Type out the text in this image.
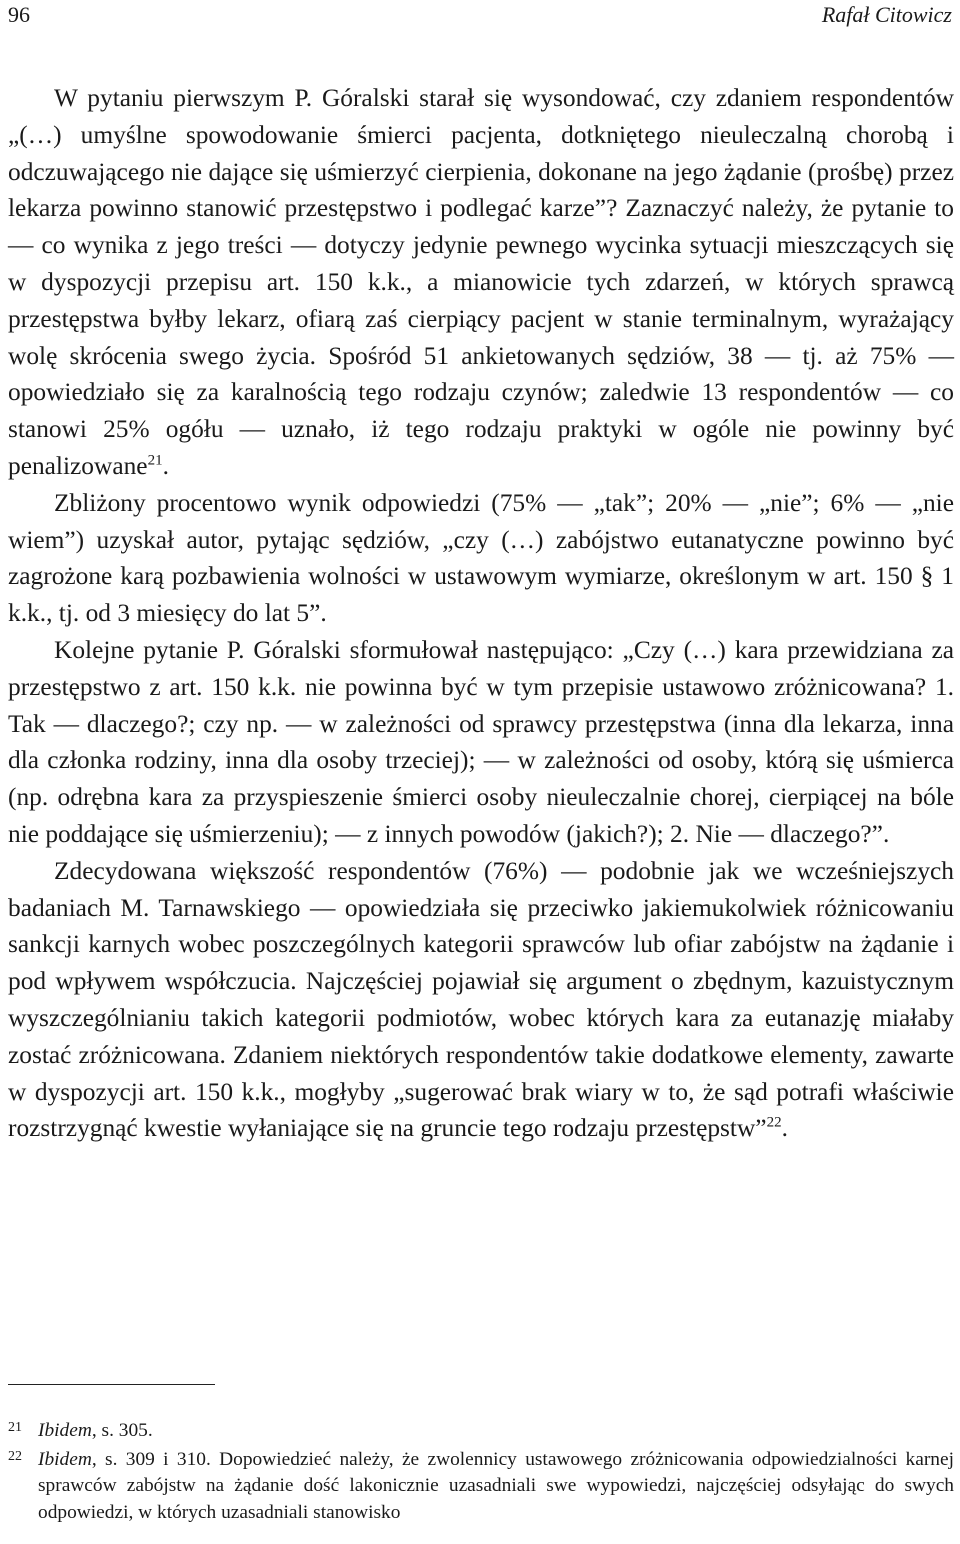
96	Rafał Citowicz

W pytaniu pierwszym P. Góralski starał się wysondować, czy zdaniem respondentów „(…) umyślne spowodowanie śmierci pacjenta, dotkniętego nieuleczalną chorobą i odczuwającego nie dające się uśmierzyć cierpienia, dokonane na jego żądanie (prośbę) przez lekarza powinno stanowić przestępstwo i podlegać karze”? Zaznaczyć należy, że pytanie to — co wynika z jego treści — dotyczy jedynie pewnego wycinka sytuacji mieszczących się w dyspozycji przepisu art. 150 k.k., a mianowicie tych zdarzeń, w których sprawcą przestępstwa byłby lekarz, ofiarą zaś cierpiący pacjent w stanie terminalnym, wyrażający wolę skrócenia swego życia. Spośród 51 ankietowanych sędziów, 38 — tj. aż 75% — opowiedziało się za karalnością tego rodzaju czynów; zaledwie 13 respondentów — co stanowi 25% ogółu — uznało, iż tego rodzaju praktyki w ogóle nie powinny być penalizowane$^{21}$.

Zbliżony procentowo wynik odpowiedzi (75% — „tak”; 20% — „nie”; 6% — „nie wiem”) uzyskał autor, pytając sędziów, „czy (…) zabójstwo eutanatyczne powinno być zagrożone karą pozbawienia wolności w ustawowym wymiarze, określonym w art. 150 § 1 k.k., tj. od 3 miesięcy do lat 5”.

Kolejne pytanie P. Góralski sformułował następująco: „Czy (…) kara przewidziana za przestępstwo z art. 150 k.k. nie powinna być w tym przepisie ustawowo zróżnicowana? 1. Tak — dlaczego?; czy np. — w zależności od sprawcy przestępstwa (inna dla lekarza, inna dla członka rodziny, inna dla osoby trzeciej); — w zależności od osoby, którą się uśmierca (np. odrębna kara za przyspieszenie śmierci osoby nieuleczalnie chorej, cierpiącej na bóle nie poddające się uśmierzeniu); — z innych powodów (jakich?); 2. Nie — dlaczego?”.

Zdecydowana większość respondentów (76%) — podobnie jak we wcześniejszych badaniach M. Tarnawskiego — opowiedziała się przeciwko jakiemukolwiek różnicowaniu sankcji karnych wobec poszczególnych kategorii sprawców lub ofiar zabójstw na żądanie i pod wpływem współczucia. Najczęściej pojawiał się argument o zbędnym, kazuistycznym wyszczególnianiu takich kategorii podmiotów, wobec których kara za eutanazję miałaby zostać zróżnicowana. Zdaniem niektórych respondentów takie dodatkowe elementy, zawarte w dyspozycji art. 150 k.k., mogłyby „sugerować brak wiary w to, że sąd potrafi właściwie rozstrzygnąć kwestie wyłaniające się na gruncie tego rodzaju przestępstw”$^{22}$.

21 Ibidem, s. 305.
22 Ibidem, s. 309 i 310. Dopowiedzieć należy, że zwolennicy ustawowego zróżnicowania odpowiedzialności karnej sprawców zabójstw na żądanie dość lakonicznie uzasadniali swe wypowiedzi, najczęściej odsyłając do swych odpowiedzi, w których uzasadniali stanowisko
